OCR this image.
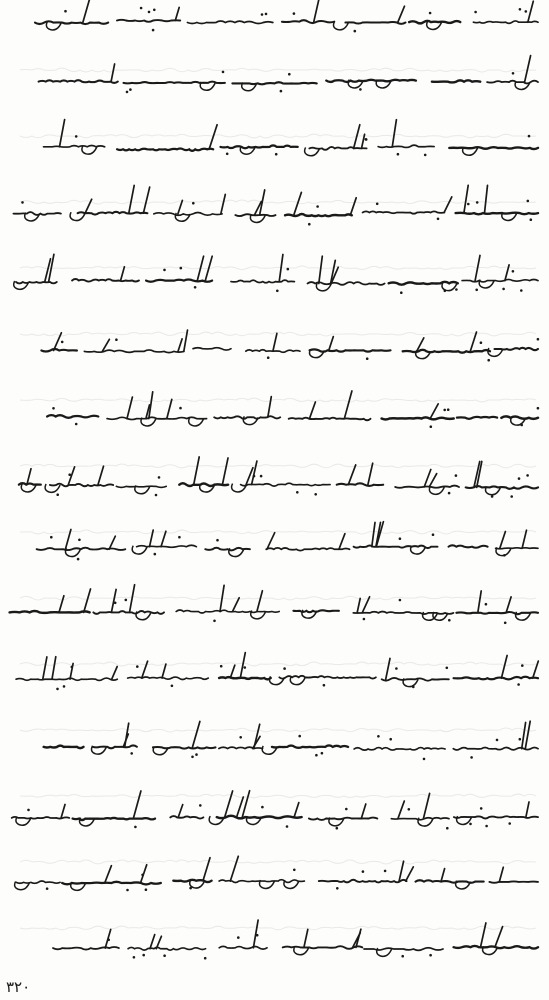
۳۲۰
